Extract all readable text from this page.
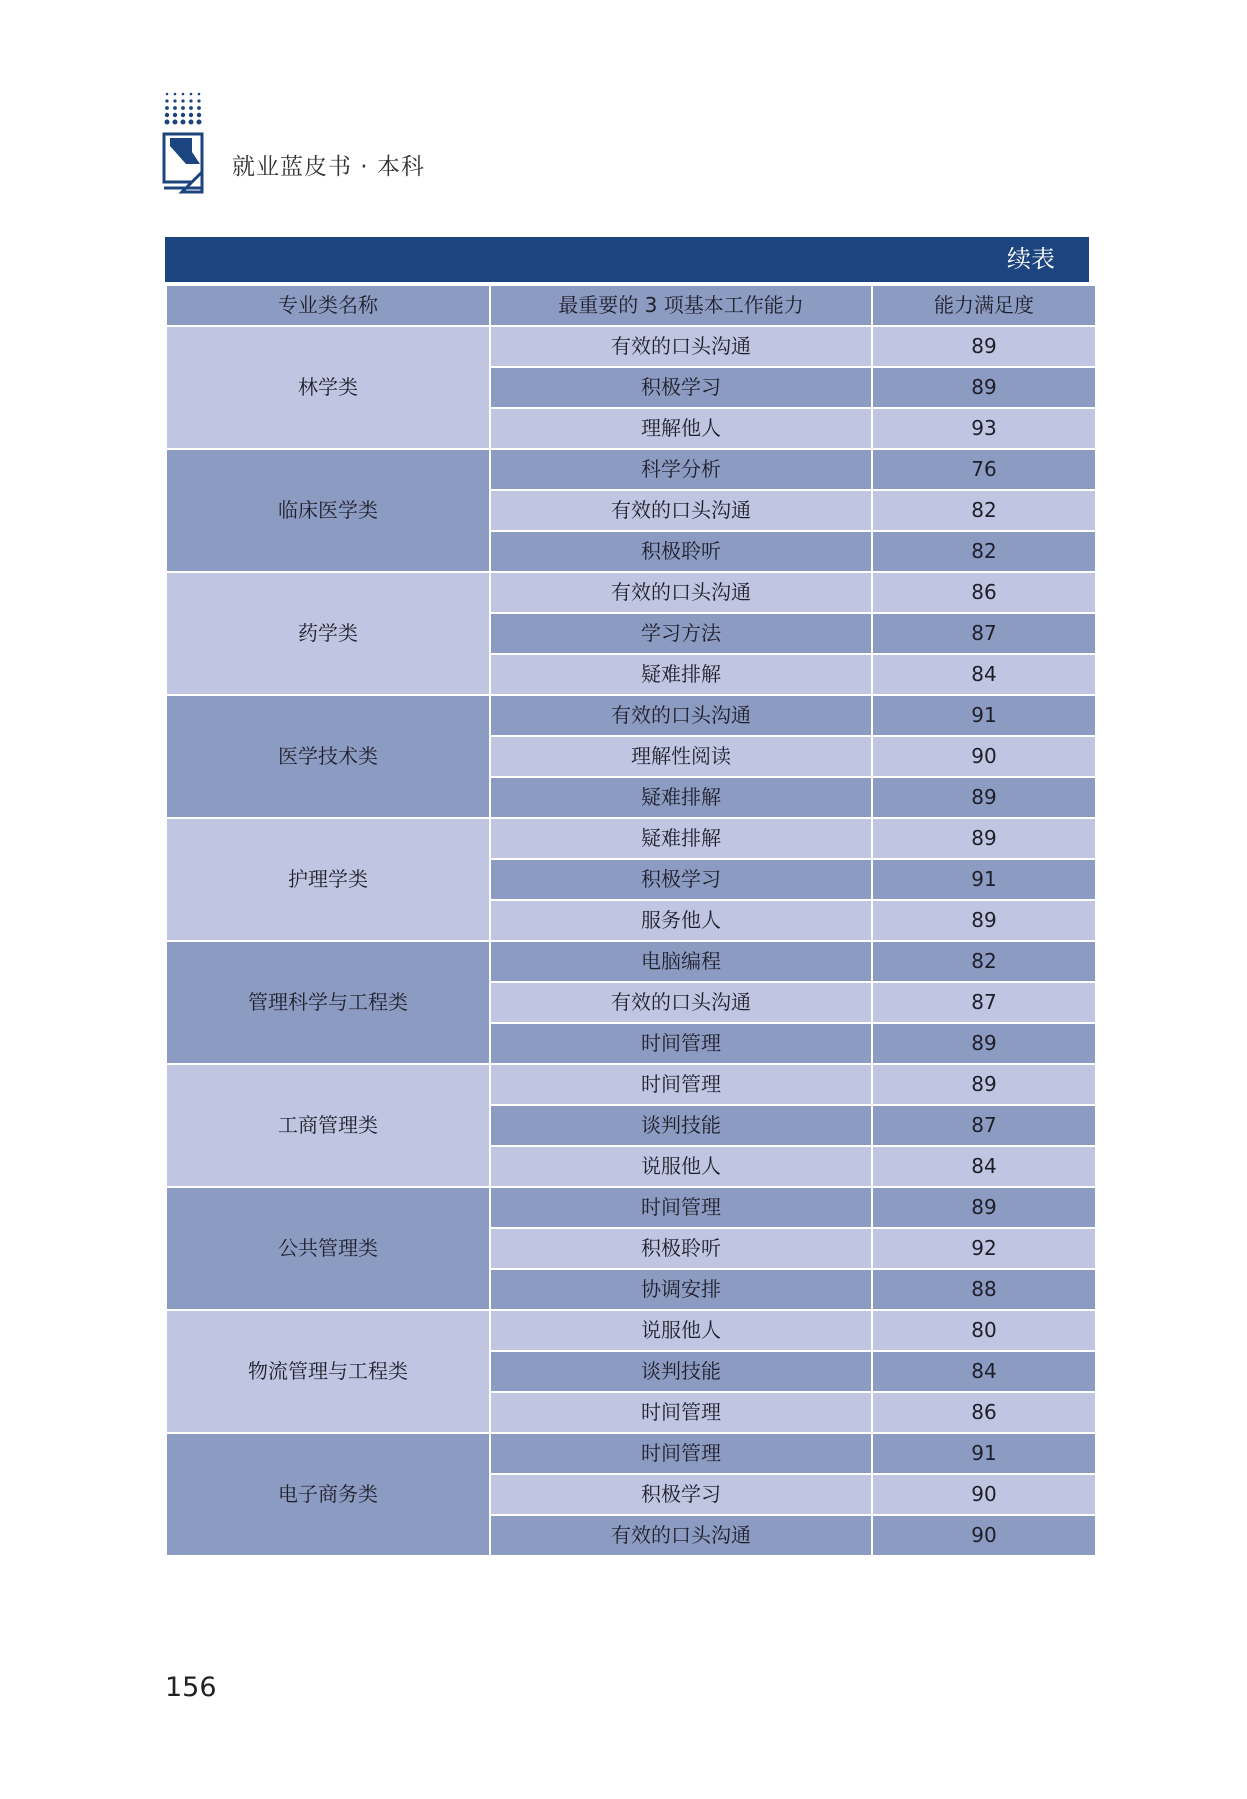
就业蓝皮书 · 本科
续表
专业类名称	最重要的 3 项基本工作能力	能力满足度
林学类	有效的口头沟通	89
	积极学习	89
	理解他人	93
临床医学类	科学分析	76
	有效的口头沟通	82
	积极聆听	82
药学类	有效的口头沟通	86
	学习方法	87
	疑难排解	84
医学技术类	有效的口头沟通	91
	理解性阅读	90
	疑难排解	89
护理学类	疑难排解	89
	积极学习	91
	服务他人	89
管理科学与工程类	电脑编程	82
	有效的口头沟通	87
	时间管理	89
工商管理类	时间管理	89
	谈判技能	87
	说服他人	84
公共管理类	时间管理	89
	积极聆听	92
	协调安排	88
物流管理与工程类	说服他人	80
	谈判技能	84
	时间管理	86
电子商务类	时间管理	91
	积极学习	90
	有效的口头沟通	90
156
